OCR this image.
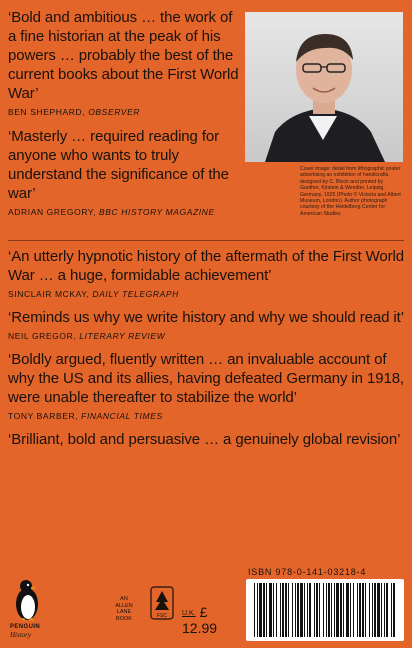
‘Bold and ambitious … the work of a fine historian at the peak of his powers … probably the best of the current books about the First World War’
BEN SHEPHARD, OBSERVER
‘Masterly … required reading for anyone who wants to truly understand the significance of the war’
ADRIAN GREGORY, BBC HISTORY MAGAZINE
Cover image: detail from lithographic poster advertising an exhibition of handicrafts, designed by C. Block and printed by Gunther, Kirstein & Wendler, Leipzig, Germany, 1925 (Photo © Victoria and Albert Museum, London). Author photograph courtesy of the Heidelberg Center for American Studies
‘An utterly hypnotic history of the aftermath of the First World War … a huge, formidable achievement’
SINCLAIR MCKAY, DAILY TELEGRAPH
‘Reminds us why we write history and why we should read it’
NEIL GREGOR, LITERARY REVIEW
‘Boldly argued, fluently written … an invaluable account of why the US and its allies, having defeated Germany in 1918, were unable thereafter to stabilize the world’
TONY BARBER, FINANCIAL TIMES
‘Brilliant, bold and persuasive … a genuinely global revision’
PENGUIN
History
AN ALLEN LANE BOOK	FSC U.K. £ 12.99
ISBN 978-0-141-03218-4
